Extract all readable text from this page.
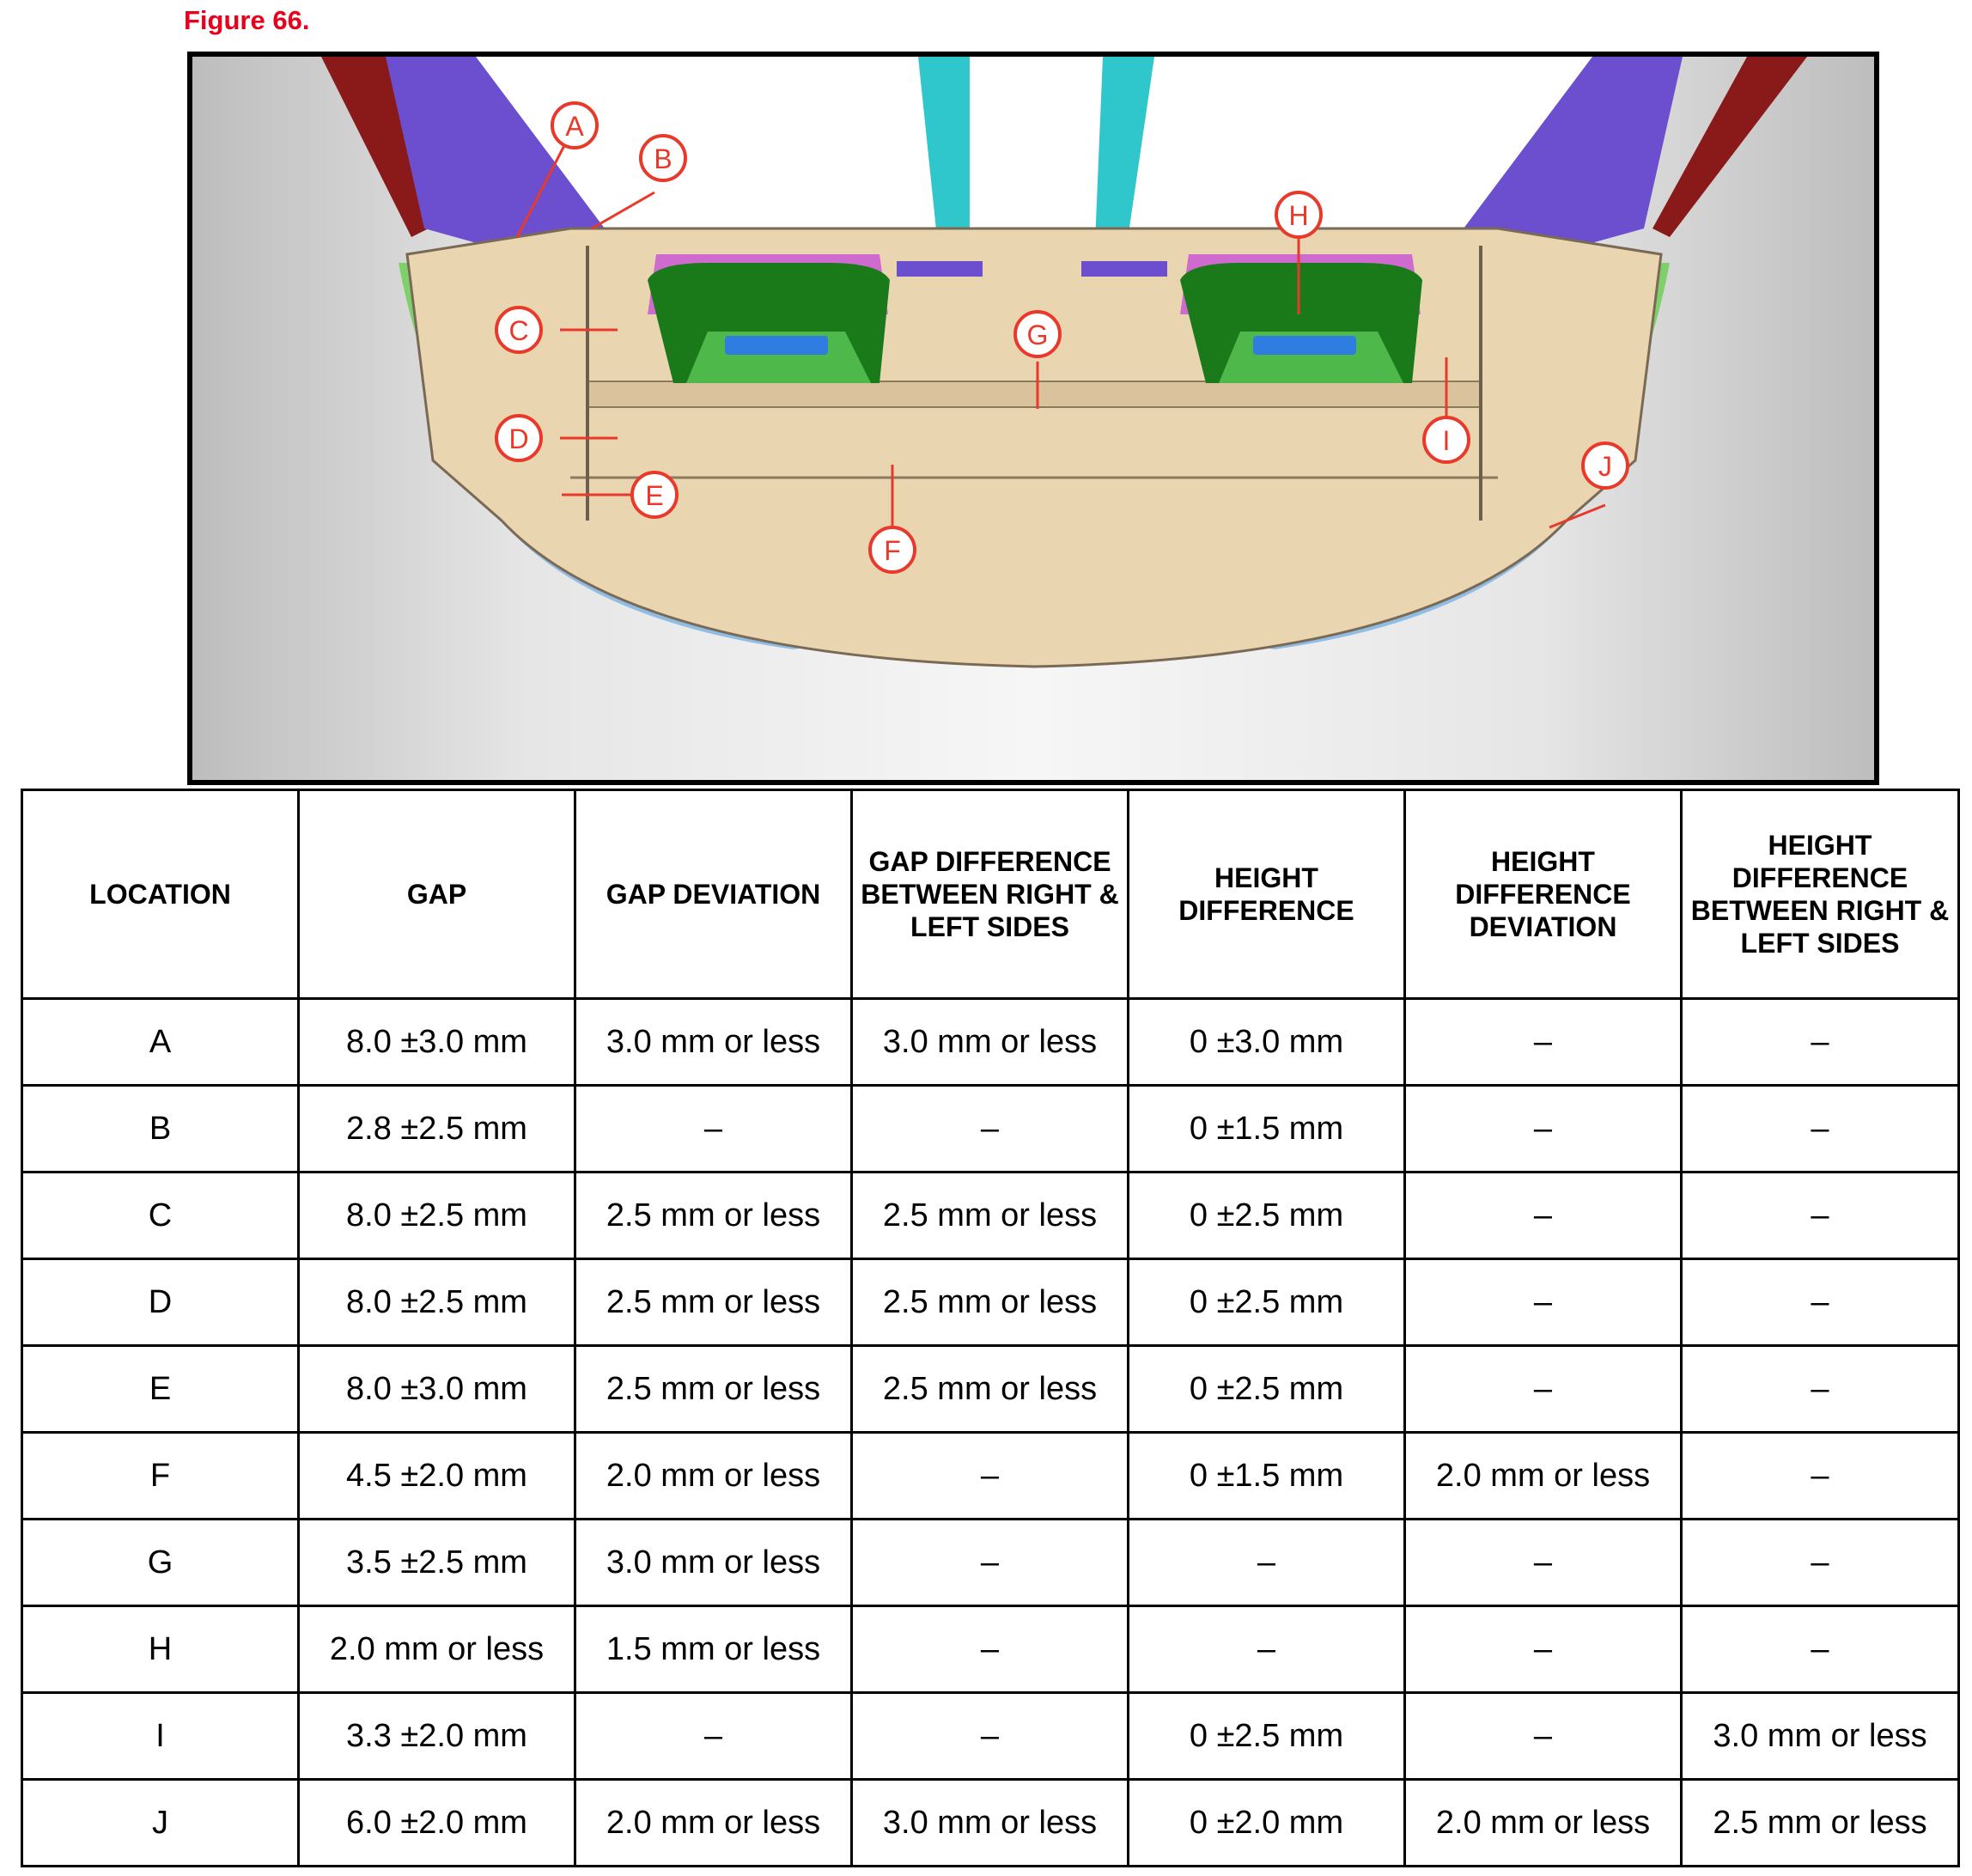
Figure 66.
A
B
C
D
E
F
G
H
I
J
LOCATION	GAP	GAP DEVIATION	GAP DIFFERENCE BETWEEN RIGHT & LEFT SIDES	HEIGHT DIFFERENCE	HEIGHT DIFFERENCE DEVIATION	HEIGHT DIFFERENCE BETWEEN RIGHT & LEFT SIDES
A	8.0 ±3.0 mm	3.0 mm or less	3.0 mm or less	0 ±3.0 mm	–	–
B	2.8 ±2.5 mm	–	–	0 ±1.5 mm	–	–
C	8.0 ±2.5 mm	2.5 mm or less	2.5 mm or less	0 ±2.5 mm	–	–
D	8.0 ±2.5 mm	2.5 mm or less	2.5 mm or less	0 ±2.5 mm	–	–
E	8.0 ±3.0 mm	2.5 mm or less	2.5 mm or less	0 ±2.5 mm	–	–
F	4.5 ±2.0 mm	2.0 mm or less	–	0 ±1.5 mm	2.0 mm or less	–
G	3.5 ±2.5 mm	3.0 mm or less	–	–	–	–
H	2.0 mm or less	1.5 mm or less	–	–	–	–
I	3.3 ±2.0 mm	–	–	0 ±2.5 mm	–	3.0 mm or less
J	6.0 ±2.0 mm	2.0 mm or less	3.0 mm or less	0 ±2.0 mm	2.0 mm or less	2.5 mm or less
